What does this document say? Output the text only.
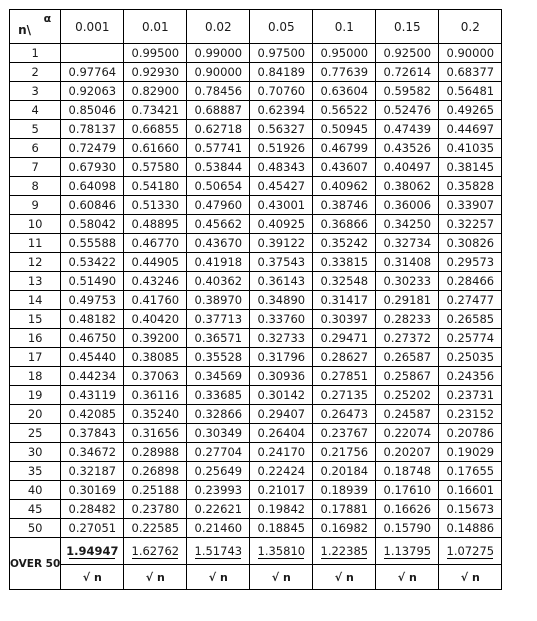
n\
α	0.001	0.01	0.02	0.05	0.1	0.15	0.2
1		0.99500	0.99000	0.97500	0.95000	0.92500	0.90000
2	0.97764	0.92930	0.90000	0.84189	0.77639	0.72614	0.68377
3	0.92063	0.82900	0.78456	0.70760	0.63604	0.59582	0.56481
4	0.85046	0.73421	0.68887	0.62394	0.56522	0.52476	0.49265
5	0.78137	0.66855	0.62718	0.56327	0.50945	0.47439	0.44697
6	0.72479	0.61660	0.57741	0.51926	0.46799	0.43526	0.41035
7	0.67930	0.57580	0.53844	0.48343	0.43607	0.40497	0.38145
8	0.64098	0.54180	0.50654	0.45427	0.40962	0.38062	0.35828
9	0.60846	0.51330	0.47960	0.43001	0.38746	0.36006	0.33907
10	0.58042	0.48895	0.45662	0.40925	0.36866	0.34250	0.32257
11	0.55588	0.46770	0.43670	0.39122	0.35242	0.32734	0.30826
12	0.53422	0.44905	0.41918	0.37543	0.33815	0.31408	0.29573
13	0.51490	0.43246	0.40362	0.36143	0.32548	0.30233	0.28466
14	0.49753	0.41760	0.38970	0.34890	0.31417	0.29181	0.27477
15	0.48182	0.40420	0.37713	0.33760	0.30397	0.28233	0.26585
16	0.46750	0.39200	0.36571	0.32733	0.29471	0.27372	0.25774
17	0.45440	0.38085	0.35528	0.31796	0.28627	0.26587	0.25035
18	0.44234	0.37063	0.34569	0.30936	0.27851	0.25867	0.24356
19	0.43119	0.36116	0.33685	0.30142	0.27135	0.25202	0.23731
20	0.42085	0.35240	0.32866	0.29407	0.26473	0.24587	0.23152
25	0.37843	0.31656	0.30349	0.26404	0.23767	0.22074	0.20786
30	0.34672	0.28988	0.27704	0.24170	0.21756	0.20207	0.19029
35	0.32187	0.26898	0.25649	0.22424	0.20184	0.18748	0.17655
40	0.30169	0.25188	0.23993	0.21017	0.18939	0.17610	0.16601
45	0.28482	0.23780	0.22621	0.19842	0.17881	0.16626	0.15673
50	0.27051	0.22585	0.21460	0.18845	0.16982	0.15790	0.14886
OVER 50	1.94947	1.62762	1.51743	1.35810	1.22385	1.13795	1.07275

	√ n	√ n	√ n	√ n	√ n	√ n	√ n
